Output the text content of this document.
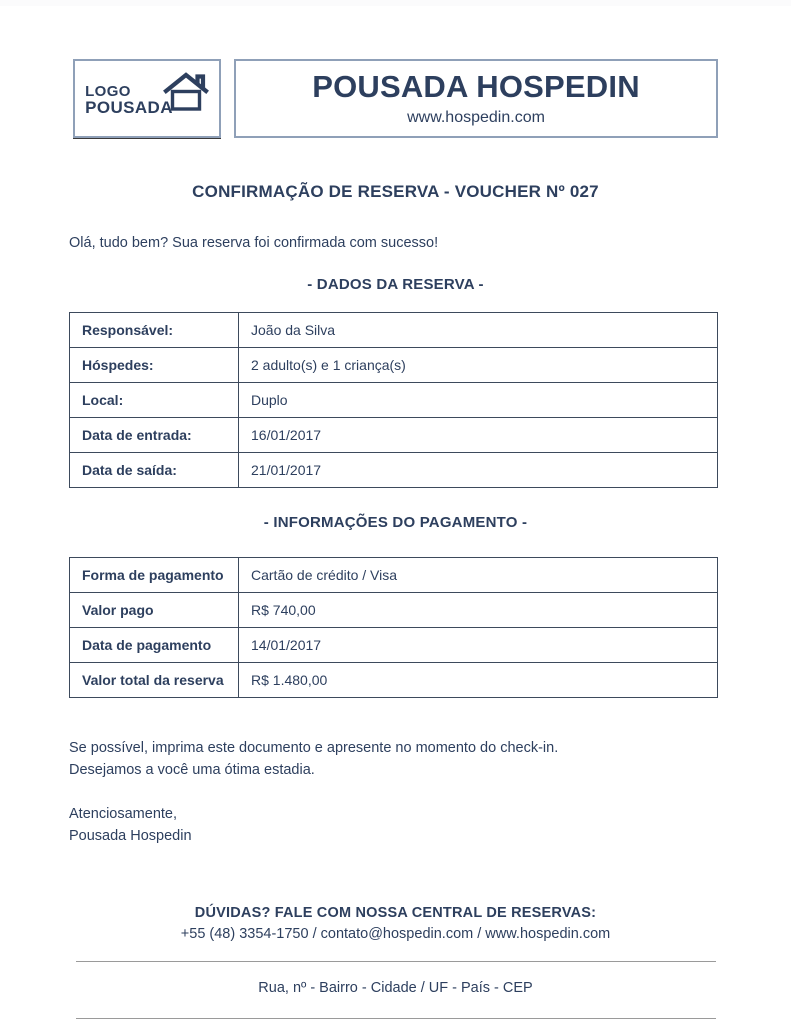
LOGO
POUSADA
POUSADA HOSPEDIN
www.hospedin.com
CONFIRMAÇÃO DE RESERVA - VOUCHER Nº 027
Olá, tudo bem? Sua reserva foi confirmada com sucesso!
- DADOS DA RESERVA -
Responsável:	João da Silva
Hóspedes:	2 adulto(s) e 1 criança(s)
Local:	Duplo
Data de entrada:	16/01/2017
Data de saída:	21/01/2017
- INFORMAÇÕES DO PAGAMENTO -
Forma de pagamento	Cartão de crédito / Visa
Valor pago	R$ 740,00
Data de pagamento	14/01/2017
Valor total da reserva	R$ 1.480,00

Se possível, imprima este documento e apresente no momento do check-in.

Desejamos a você uma ótima estadia.

Atenciosamente,

Pousada Hospedin

DÚVIDAS? FALE COM NOSSA CENTRAL DE RESERVAS:
+55 (48) 3354-1750 / contato@hospedin.com / www.hospedin.com
Rua, nº - Bairro - Cidade / UF - País - CEP
